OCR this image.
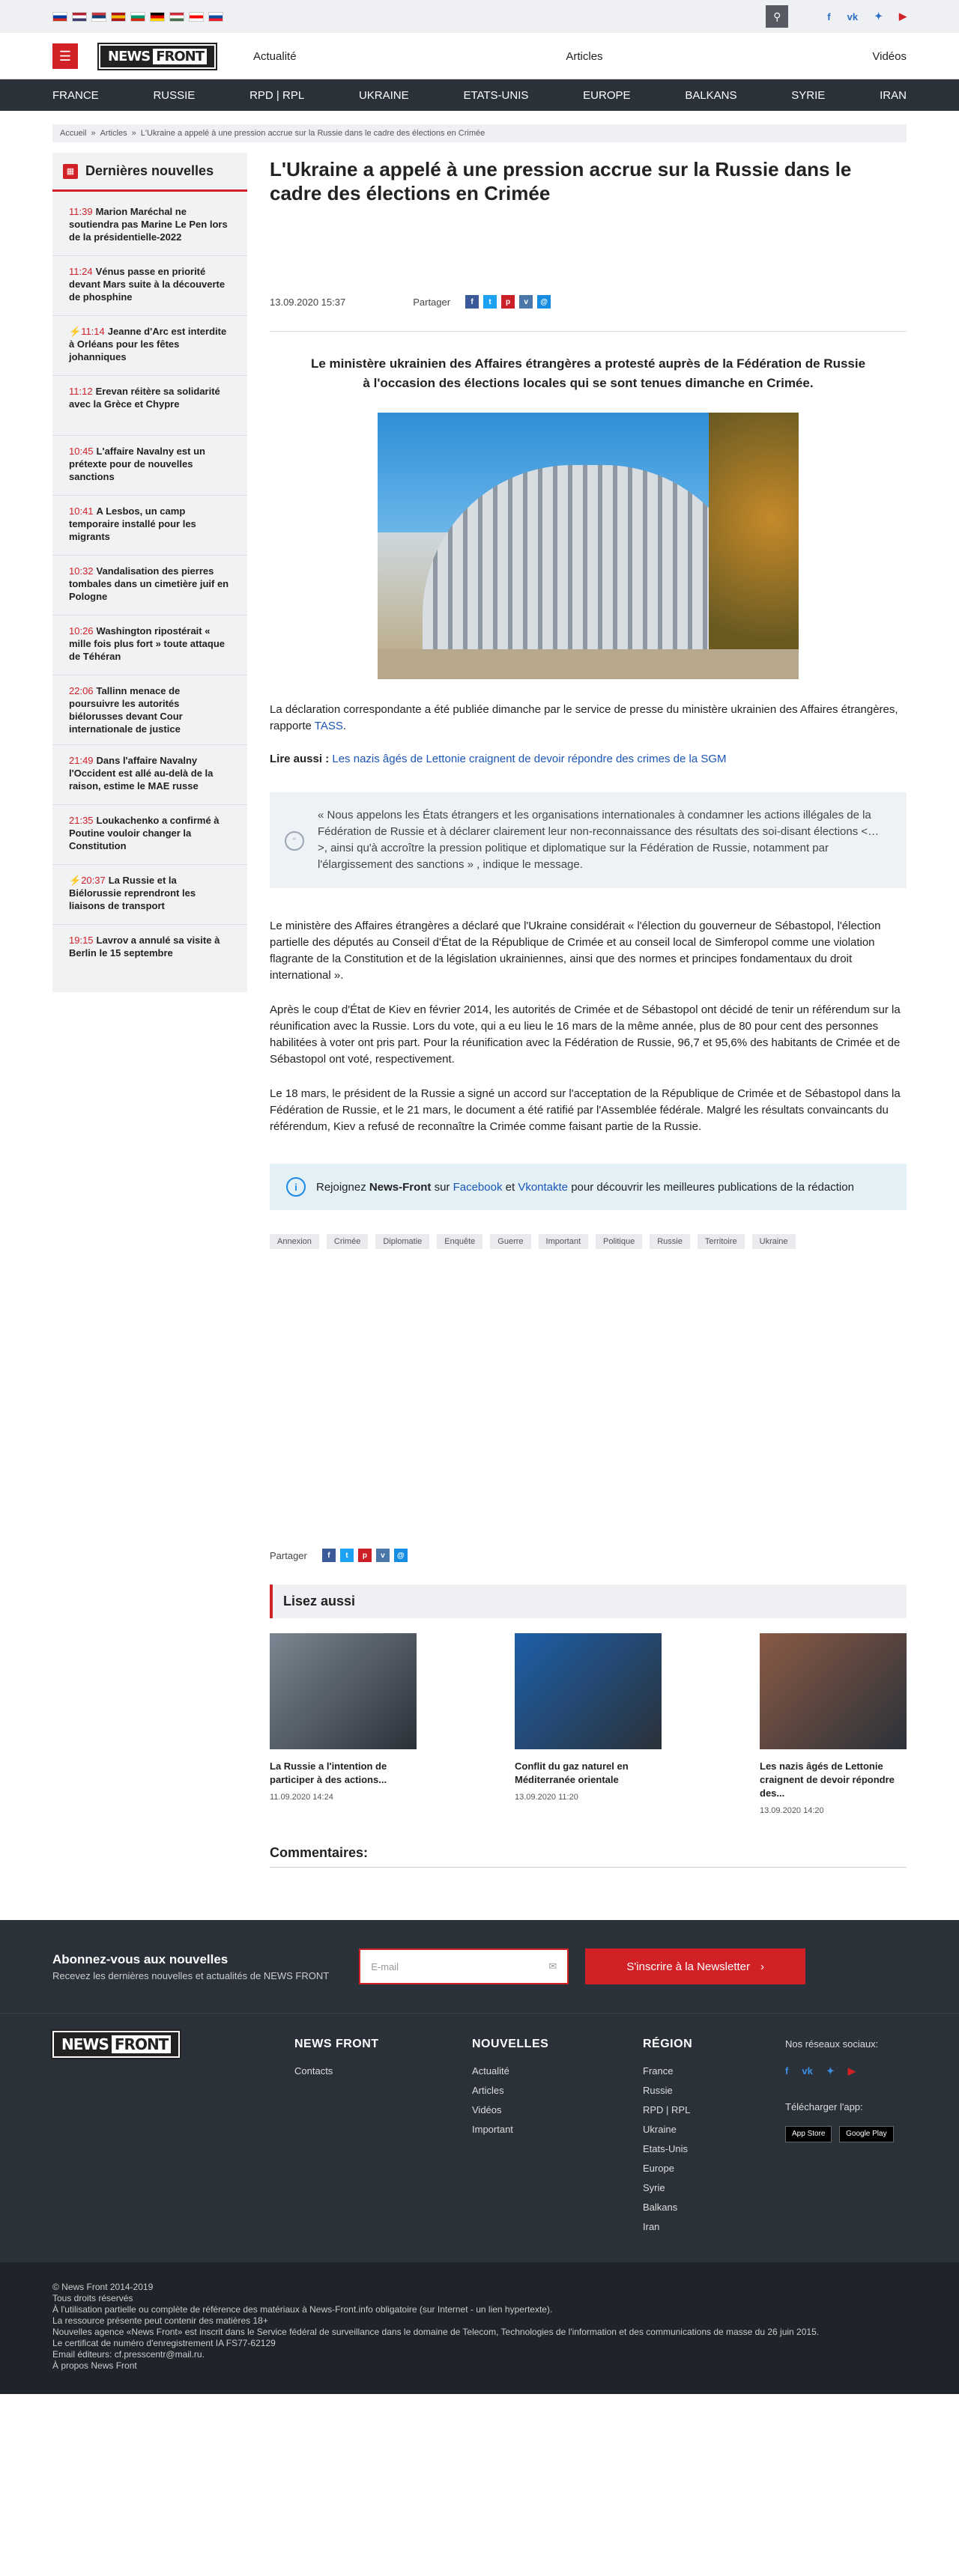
⚲	f vk ✦ ▶
☰	NEWS FRONT	Actualité	Articles	Vidéos
FRANCE	RUSSIE	RPD | RPL	UKRAINE	ETATS-UNIS	EUROPE	BALKANS	SYRIE	IRAN
Accueil » Articles » L'Ukraine a appelé à une pression accrue sur la Russie dans le cadre des élections en Crimée
▦ Dernières nouvelles
11:39 Marion Maréchal ne soutiendra pas Marine Le Pen lors de la présidentielle-2022
11:24 Vénus passe en priorité devant Mars suite à la découverte de phosphine
⚡11:14 Jeanne d'Arc est interdite à Orléans pour les fêtes johanniques
11:12 Erevan réitère sa solidarité avec la Grèce et Chypre
10:45 L'affaire Navalny est un prétexte pour de nouvelles sanctions
10:41 A Lesbos, un camp temporaire installé pour les migrants
10:32 Vandalisation des pierres tombales dans un cimetière juif en Pologne
10:26 Washington ripostérait « mille fois plus fort » toute attaque de Téhéran
22:06 Tallinn menace de poursuivre les autorités biélorusses devant Cour internationale de justice
21:49 Dans l'affaire Navalny l'Occident est allé au-delà de la raison, estime le MAE russe
21:35 Loukachenko a confirmé à Poutine vouloir changer la Constitution
⚡20:37 La Russie et la Biélorussie reprendront les liaisons de transport
19:15 Lavrov a annulé sa visite à Berlin le 15 septembre
L'Ukraine a appelé à une pression accrue sur la Russie dans le cadre des élections en Crimée
13.09.2020 15:37	Partager	f	t	p	v	@

Le ministère ukrainien des Affaires étrangères a protesté auprès de la Fédération de Russie à l'occasion des élections locales qui se sont tenues dimanche en Crimée.

La déclaration correspondante a été publiée dimanche par le service de presse du ministère ukrainien des Affaires étrangères, rapporte TASS.

Lire aussi : Les nazis âgés de Lettonie craignent de devoir répondre des crimes de la SGM

“
« Nous appelons les États étrangers et les organisations internationales à condamner les actions illégales de la Fédération de Russie et à déclarer clairement leur non-reconnaissance des résultats des soi-disant élections <…>, ainsi qu'à accroître la pression politique et diplomatique sur la Fédération de Russie, notamment par l'élargissement des sanctions » , indique le message.

Le ministère des Affaires étrangères a déclaré que l'Ukraine considérait « l'élection du gouverneur de Sébastopol, l'élection partielle des députés au Conseil d'État de la République de Crimée et au conseil local de Simferopol comme une violation flagrante de la Constitution et de la législation ukrainiennes, ainsi que des normes et principes fondamentaux du droit international ».

Après le coup d'État de Kiev en février 2014, les autorités de Crimée et de Sébastopol ont décidé de tenir un référendum sur la réunification avec la Russie. Lors du vote, qui a eu lieu le 16 mars de la même année, plus de 80 pour cent des personnes habilitées à voter ont pris part. Pour la réunification avec la Fédération de Russie, 96,7 et 95,6% des habitants de Crimée et de Sébastopol ont voté, respectivement.

Le 18 mars, le président de la Russie a signé un accord sur l'acceptation de la République de Crimée et de Sébastopol dans la Fédération de Russie, et le 21 mars, le document a été ratifié par l'Assemblée fédérale. Malgré les résultats convaincants du référendum, Kiev a refusé de reconnaître la Crimée comme faisant partie de la Russie.

i	Rejoignez News-Front sur Facebook et Vkontakte pour découvrir les meilleures publications de la rédaction
Annexion	Crimée	Diplomatie	Enquête	Guerre	Important	Politique	Russie	Territoire	Ukraine
Partager	f	t	p	v	@
Lisez aussi
La Russie a l'intention de participer à des actions...
11.09.2020 14:24
Conflit du gaz naturel en Méditerranée orientale
13.09.2020 11:20
Les nazis âgés de Lettonie craignent de devoir répondre des...
13.09.2020 14:20
Commentaires:
Abonnez-vous aux nouvelles
Recevez les dernières nouvelles et actualités de NEWS FRONT
E-mail	✉	S'inscrire à la Newsletter ›
NEWS FRONT	NEWS FRONT
Contacts
NOUVELLES
Actualité
Articles
Vidéos
Important
RÉGION
France
Russie
RPD | RPL
Ukraine
Etats-Unis
Europe
Syrie
Balkans
Iran
Nos réseaux sociaux:
f vk ✦ ▶
Télécharger l'app:
App Store	Google Play
© News Front 2014-2019
Tous droits réservés
À l'utilisation partielle ou complète de référence des matériaux à News-Front.info obligatoire (sur Internet - un lien hypertexte).
La ressource présente peut contenir des matières 18+
Nouvelles agence «News Front» est inscrit dans le Service fédéral de surveillance dans le domaine de Telecom, Technologies de l'information et des communications de masse du 26 juin 2015.
Le certificat de numéro d'enregistrement IA FS77-62129
Email éditeurs: cf.presscentr@mail.ru.
À propos News Front
